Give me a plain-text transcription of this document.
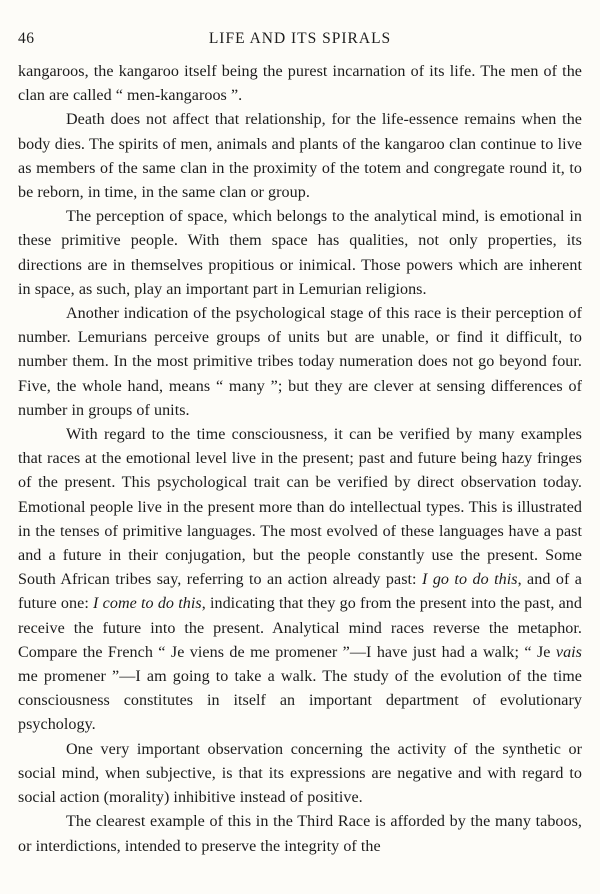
46	LIFE AND ITS SPIRALS

kangaroos, the kangaroo itself being the purest incarnation of its life. The men of the clan are called “ men-kangaroos ”.

Death does not affect that relationship, for the life-essence remains when the body dies. The spirits of men, animals and plants of the kangaroo clan continue to live as members of the same clan in the proximity of the totem and congregate round it, to be reborn, in time, in the same clan or group.

The perception of space, which belongs to the analytical mind, is emotional in these primitive people. With them space has qualities, not only properties, its directions are in themselves propitious or inimical. Those powers which are inherent in space, as such, play an important part in Lemurian religions.

Another indication of the psychological stage of this race is their perception of number. Lemurians perceive groups of units but are unable, or find it difficult, to number them. In the most primitive tribes today numeration does not go beyond four. Five, the whole hand, means “ many ”; but they are clever at sensing differences of number in groups of units.

With regard to the time consciousness, it can be verified by many examples that races at the emotional level live in the present; past and future being hazy fringes of the present. This psychological trait can be verified by direct observation today. Emotional people live in the present more than do intellectual types. This is illustrated in the tenses of primitive languages. The most evolved of these languages have a past and a future in their conjugation, but the people constantly use the present. Some South African tribes say, referring to an action already past: I go to do this, and of a future one: I come to do this, indicating that they go from the present into the past, and receive the future into the present. Analytical mind races reverse the metaphor. Compare the French “ Je viens de me promener ”—I have just had a walk; “ Je vais me promener ”—I am going to take a walk. The study of the evolution of the time consciousness constitutes in itself an important department of evolutionary psychology.

One very important observation concerning the activity of the synthetic or social mind, when subjective, is that its expressions are negative and with regard to social action (morality) inhibitive instead of positive.

The clearest example of this in the Third Race is afforded by the many taboos, or interdictions, intended to preserve the integrity of the
